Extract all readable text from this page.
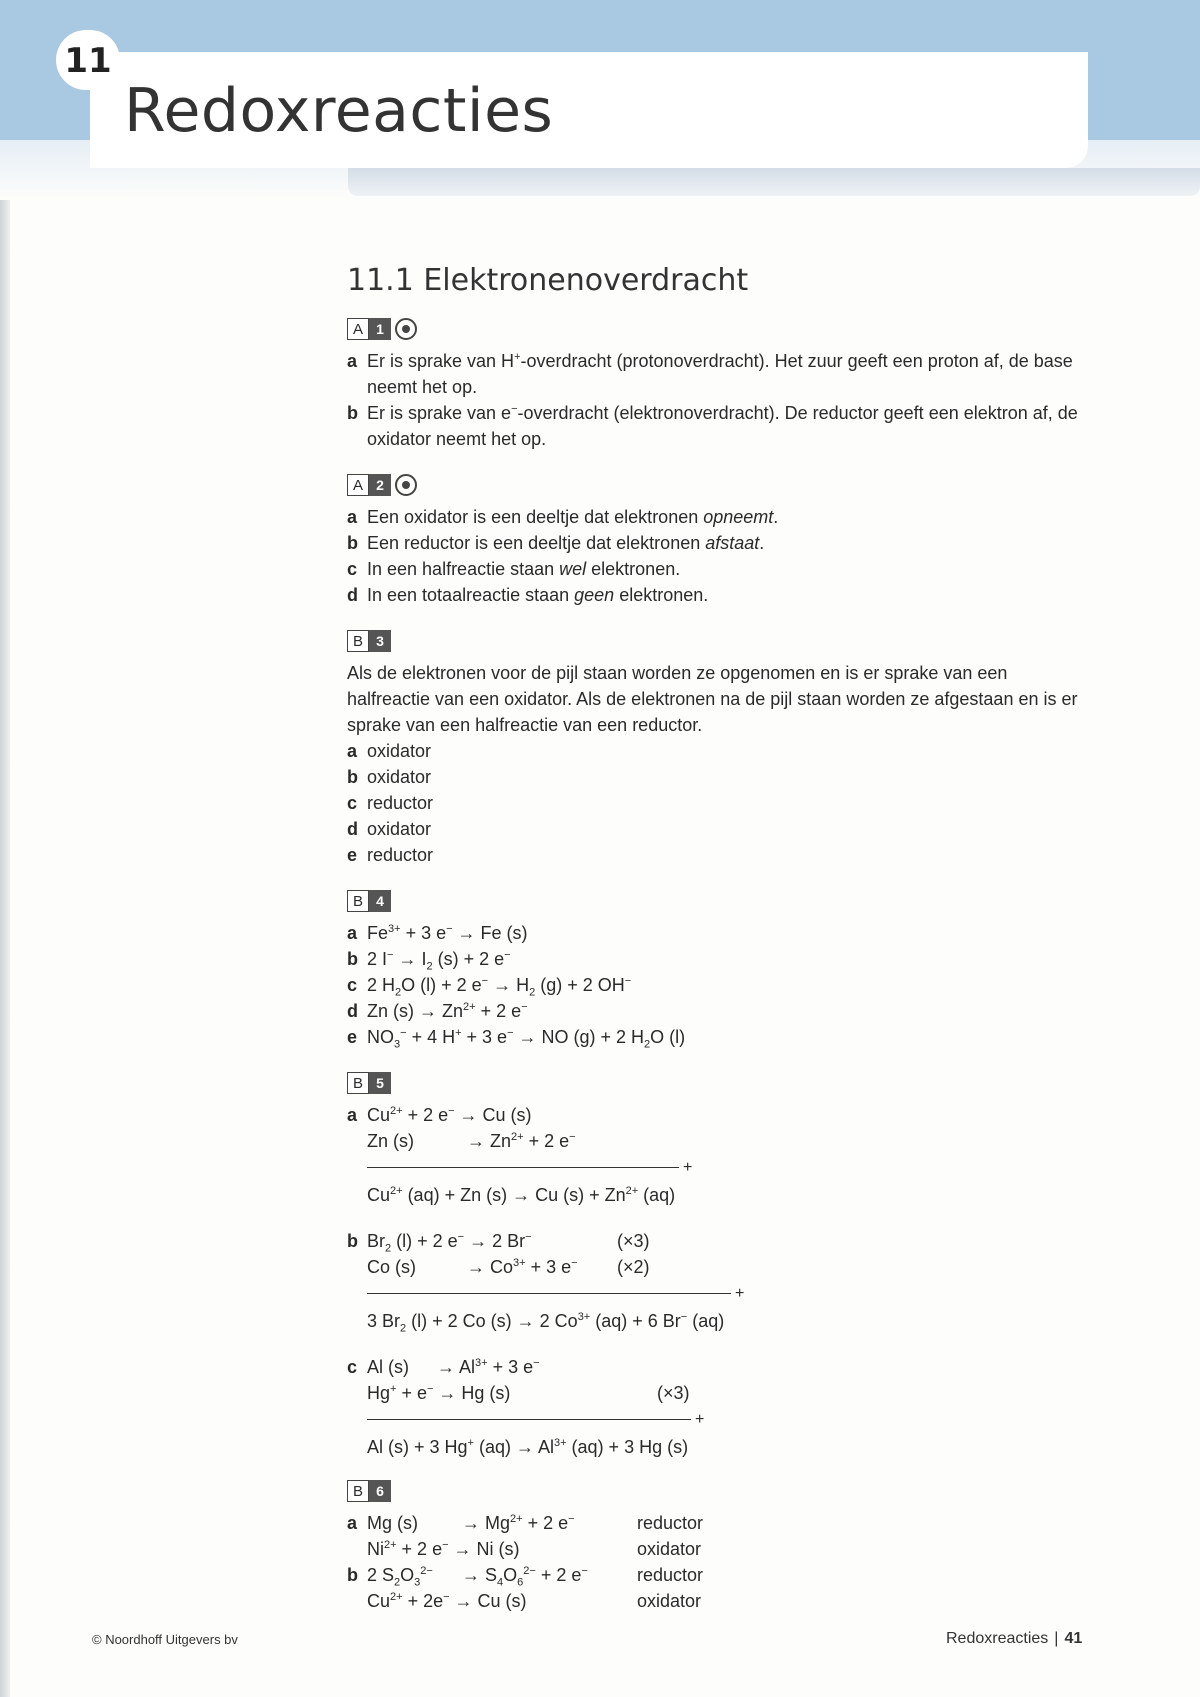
11
Redoxreacties
11.1 Elektronenoverdracht
A 1
a Er is sprake van H+-overdracht (protonoverdracht). Het zuur geeft een proton af, de base

neemt het op.

b Er is sprake van e−-overdracht (elektronoverdracht). De reductor geeft een elektron af, de

oxidator neemt het op.

A 2
a Een oxidator is een deeltje dat elektronen opneemt.
b Een reductor is een deeltje dat elektronen afstaat.
c In een halfreactie staan wel elektronen.
d In een totaalreactie staan geen elektronen.
B 3

Als de elektronen voor de pijl staan worden ze opgenomen en is er sprake van een

halfreactie van een oxidator. Als de elektronen na de pijl staan worden ze afgestaan en is er

sprake van een halfreactie van een reductor.

a oxidator
b oxidator
c reductor
d oxidator
e reductor
B 4
a $Fe^{3+} + 3$ e− → Fe (s)
b 2 $I^- \to I_2$ (s) + 2 e−
c 2 $H_2O$ (l) + 2 $e^- \to H_2$ (g) + 2 OH−
d Zn $(s) \to Zn^{2+} + 2$ e−
e $NO_3^- + 4$ H+ + 3 e− → NO (g) + 2 $H_2O$ (l)
B 5
a $Cu^{2+} + 2$ e− → Cu (s)
Zn (s)	→ $Zn^{2+} + 2$ e−
+
$Cu^{2+}$ (aq) + Zn (s) → Cu $(s) + Zn^{2+}$ (aq)
b $Br_2$ (l) + 2 e− → 2 Br−	(×3)
Co (s)	→ $Co^{3+} + 3$ e−	(×2)
+
3 $Br_2$ (l) + 2 Co (s) → 2 $Co^{3+}$ (aq) + 6 Br− (aq)
c Al (s)	→ $Al^{3+} + 3$ e−
Hg+ + e− → Hg (s)	(×3)
+
Al (s) + 3 Hg+ $(aq) \to Al^{3+}$ (aq) + 3 Hg (s)
B 6
a Mg $(s) \to Mg^{2+} + 2$ e−	reductor
$Ni^{2+} + 2$ e− → Ni (s)	oxidator
b 2 $S_2O_3^{2-} \to S_4O_6^{2-} + 2$ e−	reductor
$Cu^{2+} + 2e^- \to Cu$ (s)	oxidator
© Noordhoff Uitgevers bv	Redoxreacties | 41
